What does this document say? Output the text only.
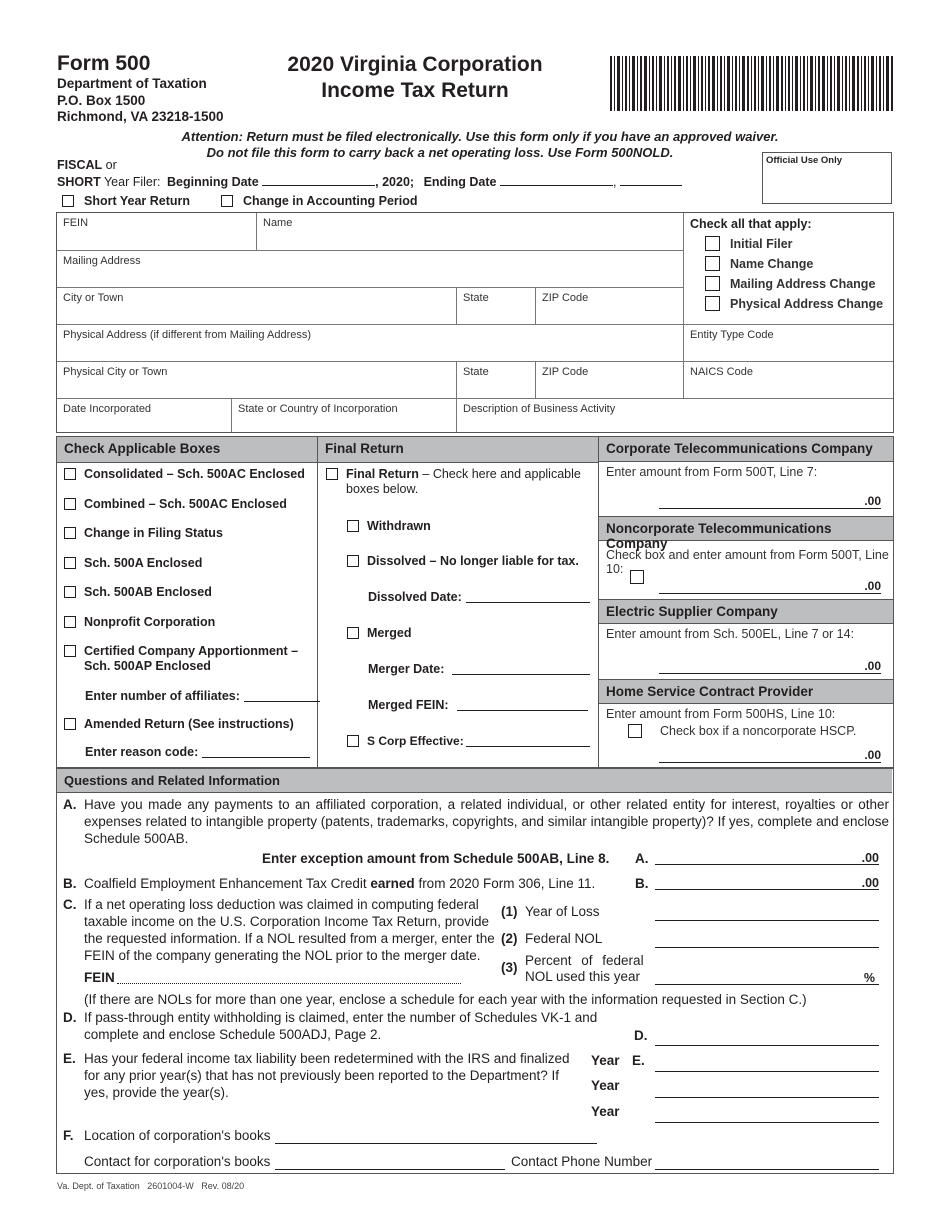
Form 500
Department of Taxation
P.O. Box 1500
Richmond, VA 23218-1500
2020 Virginia Corporation
Income Tax Return
Attention: Return must be filed electronically. Use this form only if you have an approved waiver.
Do not file this form to carry back a net operating loss. Use Form 500NOLD.
Official Use Only
FISCAL or
SHORT Year Filer: Beginning Date	, 2020; Ending Date	,
Short Year Return	Change in Accounting Period
FEIN	Name
Mailing Address
City or Town	State	ZIP Code
Check all that apply:
Initial Filer
Name Change
Mailing Address Change
Physical Address Change
Physical Address (if different from Mailing Address)	Entity Type Code
Physical City or Town	State	ZIP Code	NAICS Code
Date Incorporated	State or Country of Incorporation	Description of Business Activity
Check Applicable Boxes
Consolidated – Sch. 500AC Enclosed
Combined – Sch. 500AC Enclosed
Change in Filing Status
Sch. 500A Enclosed
Sch. 500AB Enclosed
Nonprofit Corporation
Certified Company Apportionment – Sch. 500AP Enclosed
Enter number of affiliates:
Amended Return (See instructions)
Enter reason code:
Final Return
Final Return – Check here and applicable boxes below.
Withdrawn
Dissolved – No longer liable for tax.
Dissolved Date:
Merged
Merger Date:
Merged FEIN:
S Corp Effective:
Corporate Telecommunications Company
Enter amount from Form 500T, Line 7:
.00
Noncorporate Telecommunications Company
Check box and enter amount from Form 500T, Line 10:
.00
Electric Supplier Company
Enter amount from Sch. 500EL, Line 7 or 14:
.00
Home Service Contract Provider
Enter amount from Form 500HS, Line 10:
Check box if a noncorporate HSCP.
.00
Questions and Related Information
A. Have you made any payments to an affiliated corporation, a related individual, or other related entity for interest, royalties or other expenses related to intangible property (patents, trademarks, copyrights, and similar intangible property)? If yes, complete and enclose Schedule 500AB.
Enter exception amount from Schedule 500AB, Line 8. A.	.00
B. Coalfield Employment Enhancement Tax Credit earned from 2020 Form 306, Line 11.	B.	.00
C. If a net operating loss deduction was claimed in computing federal taxable income on the U.S. Corporation Income Tax Return, provide the requested information. If a NOL resulted from a merger, enter the FEIN of the company generating the NOL prior to the merger date.
FEIN
(1) Year of Loss
(2) Federal NOL
(3) Percent of federal
NOL used this year	%
(If there are NOLs for more than one year, enclose a schedule for each year with the information requested in Section C.)
D. If pass-through entity withholding is claimed, enter the number of Schedules VK-1 and complete and enclose Schedule 500ADJ, Page 2.	D.
E. Has your federal income tax liability been redetermined with the IRS and finalized for any prior year(s) that has not previously been reported to the Department? If yes, provide the year(s).
Year E.
Year
Year
F. Location of corporation's books
Contact for corporation's books	Contact Phone Number
Va. Dept. of Taxation   2601004-W   Rev. 08/20
